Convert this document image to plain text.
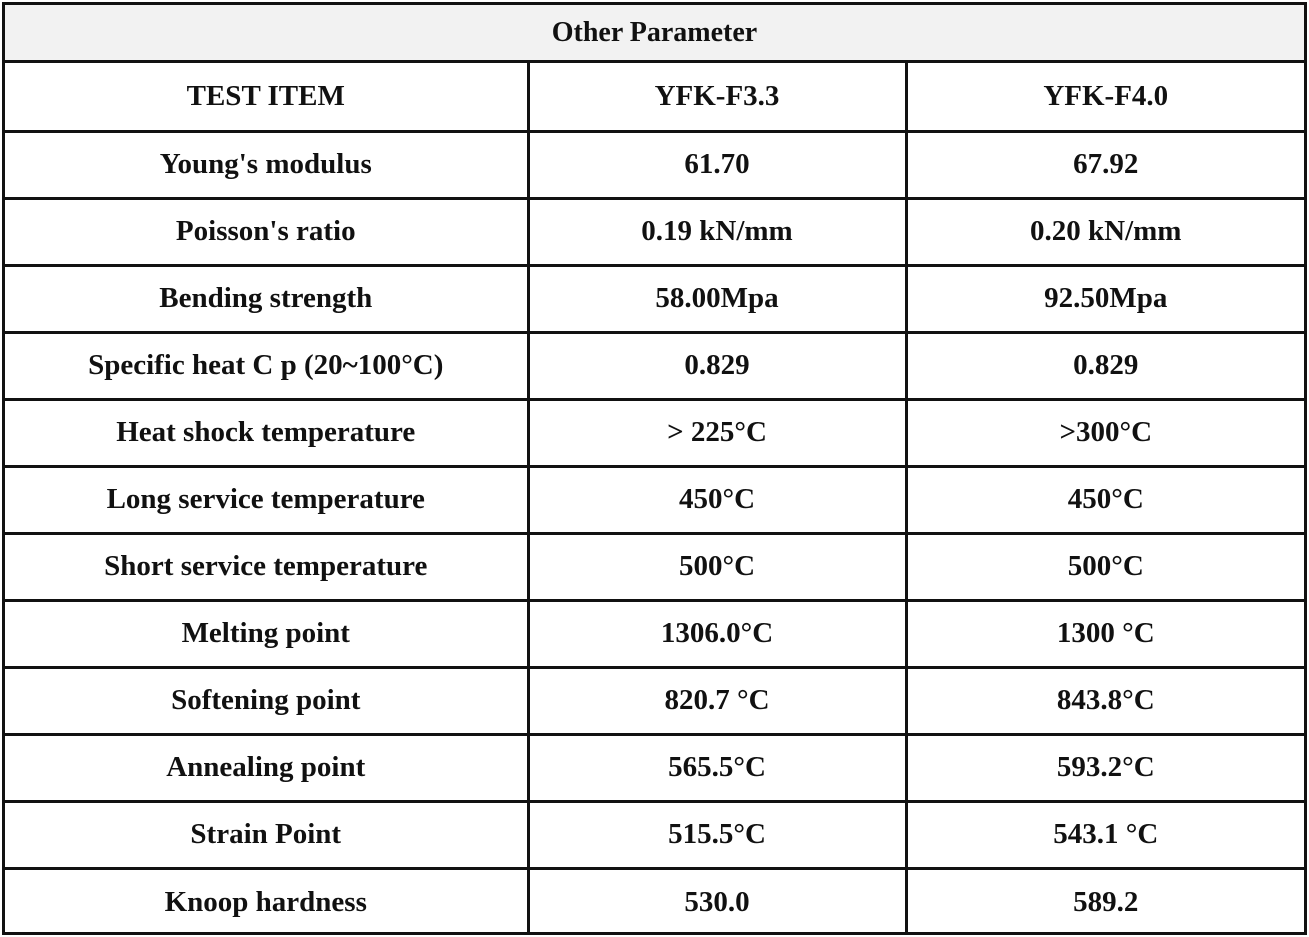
Other Parameter
TEST ITEM	YFK-F3.3	YFK-F4.0
Young's modulus	61.70	67.92
Poisson's ratio	0.19 kN/mm	0.20 kN/mm
Bending strength	58.00Mpa	92.50Mpa
Specific heat C p (20~100°C)	0.829	0.829
Heat shock temperature	> 225°C	>300°C
Long service temperature	450°C	450°C
Short service temperature	500°C	500°C
Melting point	1306.0°C	1300 °C
Softening point	820.7 °C	843.8°C
Annealing point	565.5°C	593.2°C
Strain Point	515.5°C	543.1 °C
Knoop hardness	530.0	589.2
